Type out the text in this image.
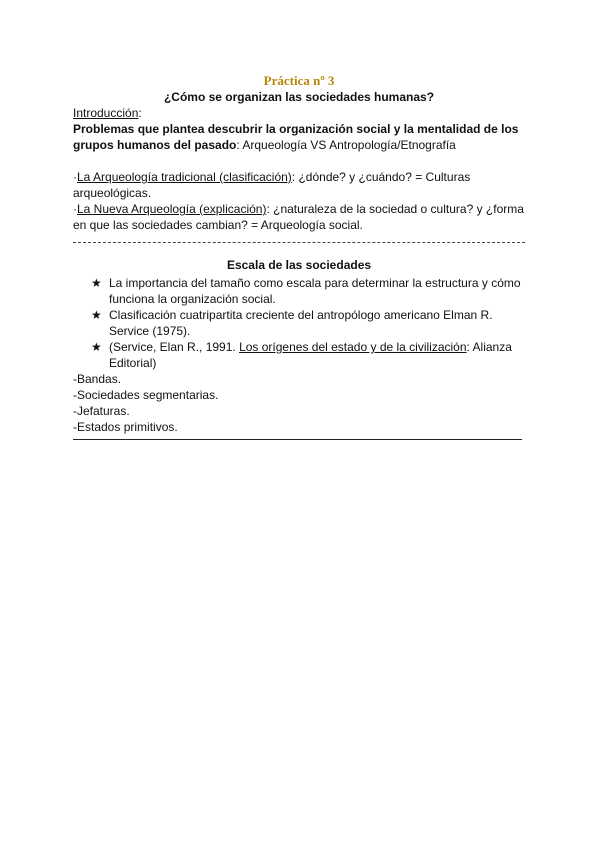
Práctica nº 3
¿Cómo se organizan las sociedades humanas?

Introducción:

Problemas que plantea descubrir la organización social y la mentalidad de los grupos humanos del pasado: Arqueología VS Antropología/Etnografía

·La Arqueología tradicional (clasificación): ¿dónde? y ¿cuándo? = Culturas arqueológicas.

·La Nueva Arqueología (explicación): ¿naturaleza de la sociedad o cultura? y ¿forma en que las sociedades cambian? = Arqueología social.

Escala de las sociedades
★ La importancia del tamaño como escala para determinar la estructura y cómo funciona la organización social.
★ Clasificación cuatripartita creciente del antropólogo americano Elman R. Service (1975).
★ (Service, Elan R., 1991. Los orígenes del estado y de la civilización: Alianza Editorial)

-Bandas.

-Sociedades segmentarias.

-Jefaturas.

-Estados primitivos.
